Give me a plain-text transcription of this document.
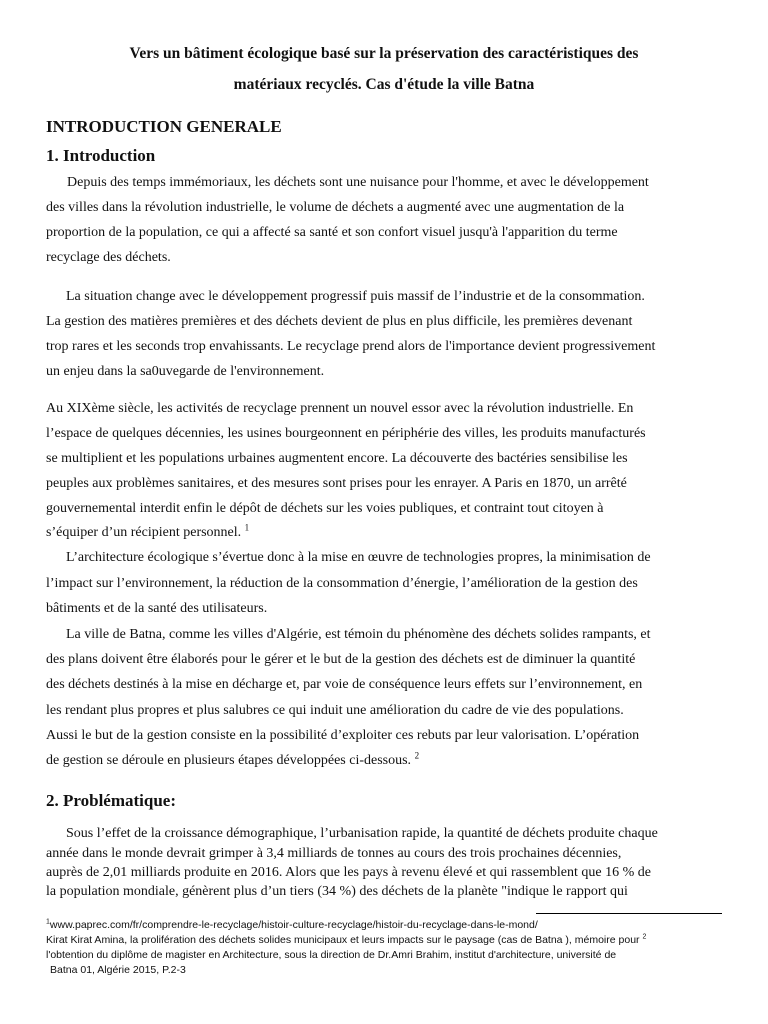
Vers un bâtiment écologique basé sur la préservation des caractéristiques des

matériaux recyclés. Cas d'étude la ville Batna

INTRODUCTION GENERALE

1. Introduction

Depuis des temps immémoriaux, les déchets sont une nuisance pour l'homme, et avec le développement

des villes dans la révolution industrielle, le volume de déchets a augmenté avec une augmentation de la

proportion de la population, ce qui a affecté sa santé et son confort visuel jusqu'à l'apparition du terme

recyclage des déchets.

La situation change avec le développement progressif puis massif de l’industrie et de la consommation.

La gestion des matières premières et des déchets devient de plus en plus difficile, les premières devenant

trop rares et les seconds trop envahissants. Le recyclage prend alors de l'importance devient progressivement

un enjeu dans la sa0uvegarde de l'environnement.

Au XIXème siècle, les activités de recyclage prennent un nouvel essor avec la révolution industrielle. En

l’espace de quelques décennies, les usines bourgeonnent en périphérie des villes, les produits manufacturés

se multiplient et les populations urbaines augmentent encore. La découverte des bactéries sensibilise les

peuples aux problèmes sanitaires, et des mesures sont prises pour les enrayer. A Paris en 1870, un arrêté

gouvernemental interdit enfin le dépôt de déchets sur les voies publiques, et contraint tout citoyen à

s’équiper d’un récipient personnel. $^1$

L’architecture écologique s’évertue donc à la mise en œuvre de technologies propres, la minimisation de

l’impact sur l’environnement, la réduction de la consommation d’énergie, l’amélioration de la gestion des

bâtiments et de la santé des utilisateurs.

La ville de Batna, comme les villes d'Algérie, est témoin du phénomène des déchets solides rampants, et

des plans doivent être élaborés pour le gérer et le but de la gestion des déchets est de diminuer la quantité

des déchets destinés à la mise en décharge et, par voie de conséquence leurs effets sur l’environnement, en

les rendant plus propres et plus salubres ce qui induit une amélioration du cadre de vie des populations.

Aussi le but de la gestion consiste en la possibilité d’exploiter ces rebuts par leur valorisation. L’opération

de gestion se déroule en plusieurs étapes développées ci-dessous. $^2$

2. Problématique:

Sous l’effet de la croissance démographique, l’urbanisation rapide, la quantité de déchets produite chaque

année dans le monde devrait grimper à 3,4 milliards de tonnes au cours des trois prochaines décennies,

auprès de 2,01 milliards produite en 2016. Alors que les pays à revenu élevé et qui rassemblent que 16 % de

la population mondiale, génèrent plus d’un tiers (34 %) des déchets de la planète "indique le rapport qui

$^1$www.paprec.com/fr/comprendre-le-recyclage/histoir-culture-recyclage/histoir-du-recyclage-dans-le-mond/

Kirat Kirat Amina, la prolifération des déchets solides municipaux et leurs impacts sur le paysage (cas de Batna ), mémoire pour $^2$

l'obtention du diplôme de magister en Architecture, sous la direction de Dr.Amri Brahim, institut d'architecture, université de

Batna 01, Algérie 2015, P.2-3
